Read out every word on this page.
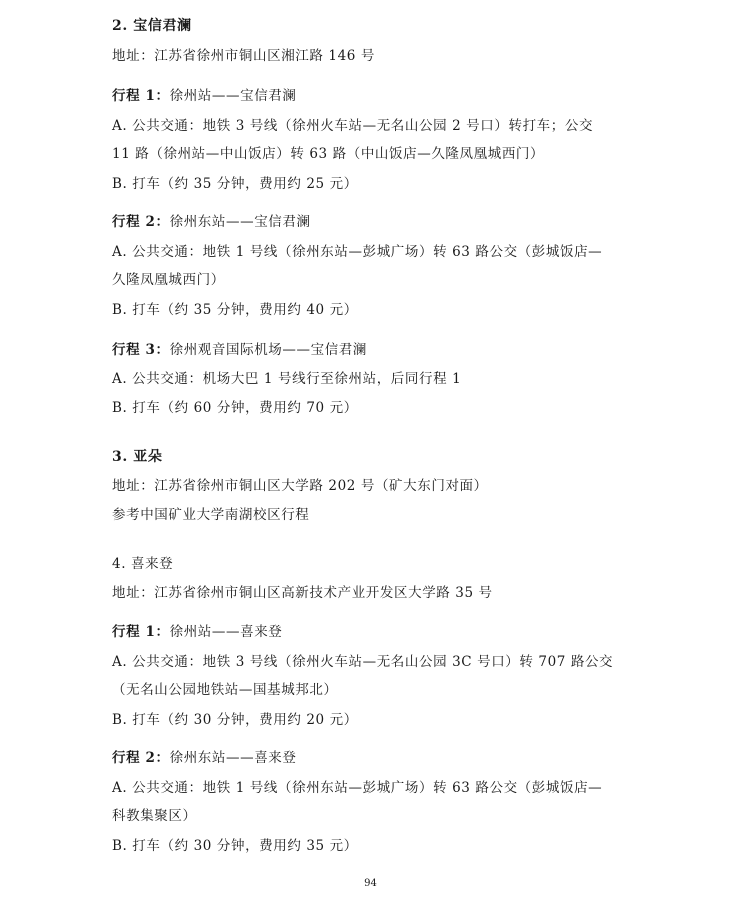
2. 宝信君澜
地址：江苏省徐州市铜山区湘江路 146 号
行程 1：徐州站——宝信君澜
A. 公共交通：地铁 3 号线（徐州火车站—无名山公园 2 号口）转打车；公交
11 路（徐州站—中山饭店）转 63 路（中山饭店—久隆凤凰城西门）
B. 打车（约 35 分钟，费用约 25 元）
行程 2：徐州东站——宝信君澜
A. 公共交通：地铁 1 号线（徐州东站—彭城广场）转 63 路公交（彭城饭店—
久隆凤凰城西门）
B. 打车（约 35 分钟，费用约 40 元）
行程 3：徐州观音国际机场——宝信君澜
A. 公共交通：机场大巴 1 号线行至徐州站，后同行程 1
B. 打车（约 60 分钟，费用约 70 元）
3. 亚朵
地址：江苏省徐州市铜山区大学路 202 号（矿大东门对面）
参考中国矿业大学南湖校区行程
4. 喜来登
地址：江苏省徐州市铜山区高新技术产业开发区大学路 35 号
行程 1：徐州站——喜来登
A. 公共交通：地铁 3 号线（徐州火车站—无名山公园 3C 号口）转 707 路公交
（无名山公园地铁站—国基城邦北）
B. 打车（约 30 分钟，费用约 20 元）
行程 2：徐州东站——喜来登
A. 公共交通：地铁 1 号线（徐州东站—彭城广场）转 63 路公交（彭城饭店—
科教集聚区）
B. 打车（约 30 分钟，费用约 35 元）
94
